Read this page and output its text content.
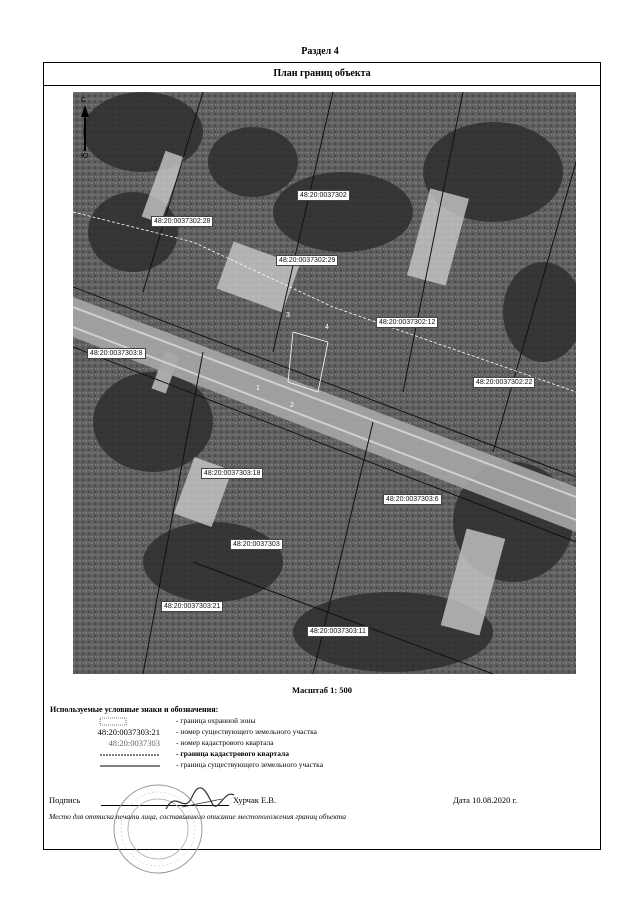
Раздел 4
План границ объекта
С
Ю
48:20:0037302
48:20:0037302:28
48:20:0037302:29
48:20:0037302:12
48:20:0037302:22
48:20:0037303:8
48:20:0037303:18
48:20:0037303:6
48:20:0037303
48:20:0037303:21
48:20:0037303:11
3
4
1
2
Масштаб 1: 500
Используемые условные знаки и обозначения:
- граница охранной зоны
48:20:0037303:21 - номер существующего земельного участка
48:20:0037303 - номер кадастрового квартала
- граница кадастрового квартала
- граница существующего земельного участка
Подпись	Хурчак Е.В.	Дата 10.08.2020 г.
Место для оттиска печати лица, составившего описание местоположения границ объекта
